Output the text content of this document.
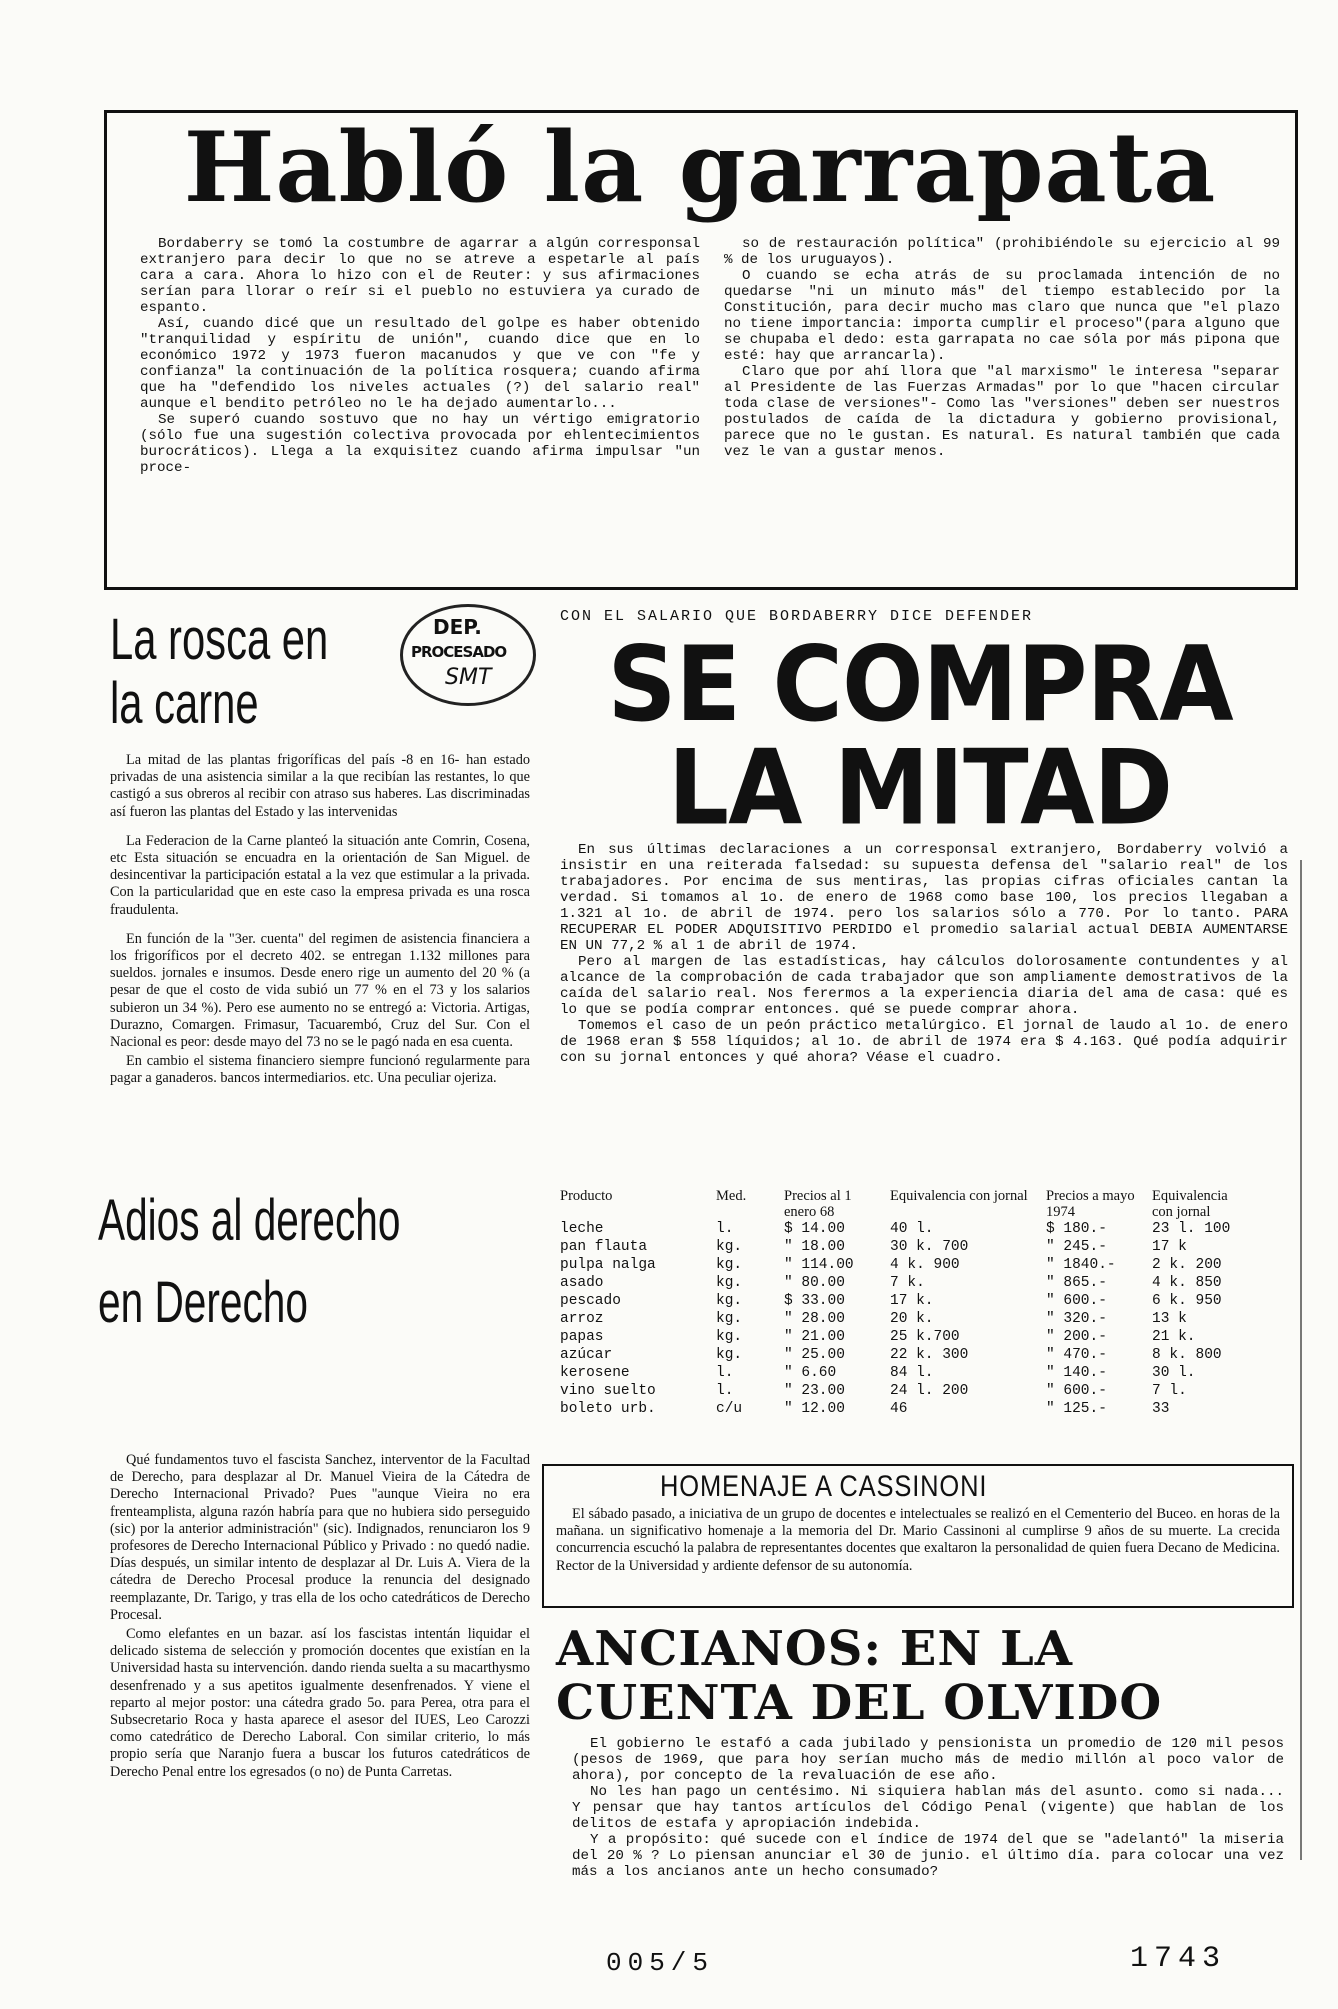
Habló la garrapata

Bordaberry se tomó la costumbre de agarrar a algún corresponsal extranjero para decir lo que no se atreve a espetarle al país cara a cara. Ahora lo hizo con el de Reuter: y sus afirmaciones serían para llorar o reír si el pueblo no estuviera ya curado de espanto.

Así, cuando dicé que un resultado del golpe es haber obtenido "tranquilidad y espíritu de unión", cuando dice que en lo económico 1972 y 1973 fueron macanudos y que ve con "fe y confianza" la continuación de la política rosquera; cuando afirma que ha "defendido los niveles actuales (?) del salario real" aunque el bendito petróleo no le ha dejado aumentarlo...

Se superó cuando sostuvo que no hay un vértigo emigratorio (sólo fue una sugestión colectiva provocada por ehlentecimientos burocráticos). Llega a la exquisitez cuando afirma impulsar "un proce-

so de restauración política" (prohibiéndole su ejercicio al 99 % de los uruguayos).

O cuando se echa atrás de su proclamada intención de no quedarse "ni un minuto más" del tiempo establecido por la Constitución, para decir mucho mas claro que nunca que "el plazo no tiene importancia: importa cumplir el proceso"(para alguno que se chupaba el dedo: esta garrapata no cae sóla por más pipona que esté: hay que arrancarla).

Claro que por ahí llora que "al marxismo" le interesa "separar al Presidente de las Fuerzas Armadas" por lo que "hacen circular toda clase de versiones"- Como las "versiones" deben ser nuestros postulados de caída de la dictadura y gobierno provisional, parece que no le gustan. Es natural. Es natural también que cada vez le van a gustar menos.

La rosca en
la carne
DEP.
PROCESADO
SMT

La mitad de las plantas frigoríficas del país -8 en 16- han estado privadas de una asistencia similar a la que recibían las restantes, lo que castigó a sus obreros al recibir con atraso sus haberes. Las discriminadas así fueron las plantas del Estado y las intervenidas

La Federacion de la Carne planteó la situación ante Comrin, Cosena, etc Esta situación se encuadra en la orientación de San Miguel. de desincentivar la participación estatal a la vez que estimular a la privada. Con la particularidad que en este caso la empresa privada es una rosca fraudulenta.

En función de la "3er. cuenta" del regimen de asistencia financiera a los frigoríficos por el decreto 402. se entregan 1.132 millones para sueldos. jornales e insumos. Desde enero rige un aumento del 20 % (a pesar de que el costo de vida subió un 77 % en el 73 y los salarios subieron un 34 %). Pero ese aumento no se entregó a: Victoria. Artigas, Durazno, Comargen. Frimasur, Tacuarembó, Cruz del Sur. Con el Nacional es peor: desde mayo del 73 no se le pagó nada en esa cuenta.

En cambio el sistema financiero siempre funcionó regularmente para pagar a ganaderos. bancos intermediarios. etc. Una peculiar ojeriza.

Adios al derecho
en Derecho

Qué fundamentos tuvo el fascista Sanchez, interventor de la Facultad de Derecho, para desplazar al Dr. Manuel Vieira de la Cátedra de Derecho Internacional Privado? Pues "aunque Vieira no era frenteamplista, alguna razón habría para que no hubiera sido perseguido (sic) por la anterior administración" (sic). Indignados, renunciaron los 9 profesores de Derecho Internacional Público y Privado : no quedó nadie. Días después, un similar intento de desplazar al Dr. Luis A. Viera de la cátedra de Derecho Procesal produce la renuncia del designado reemplazante, Dr. Tarigo, y tras ella de los ocho catedráticos de Derecho Procesal.

Como elefantes en un bazar. así los fascistas intentán liquidar el delicado sistema de selección y promoción docentes que existían en la Universidad hasta su intervención. dando rienda suelta a su macarthysmo desenfrenado y a sus apetitos igualmente desenfrenados. Y viene el reparto al mejor postor: una cátedra grado 5o. para Perea, otra para el Subsecretario Roca y hasta aparece el asesor del IUES, Leo Carozzi como catedrático de Derecho Laboral. Con similar criterio, lo más propio sería que Naranjo fuera a buscar los futuros catedráticos de Derecho Penal entre los egresados (o no) de Punta Carretas.

CON EL SALARIO QUE BORDABERRY DICE DEFENDER
SE COMPRA
LA MITAD

En sus últimas declaraciones a un corresponsal extranjero, Bordaberry volvió a insistir en una reiterada falsedad: su supuesta defensa del "salario real" de los trabajadores. Por encima de sus mentiras, las propias cifras oficiales cantan la verdad. Si tomamos al 1o. de enero de 1968 como base 100, los precios llegaban a 1.321 al 1o. de abril de 1974. pero los salarios sólo a 770. Por lo tanto. PARA RECUPERAR EL PODER ADQUISITIVO PERDIDO el promedio salarial actual DEBIA AUMENTARSE EN UN 77,2 % al 1 de abril de 1974.

Pero al margen de las estadísticas, hay cálculos dolorosamente contundentes y al alcance de la comprobación de cada trabajador que son ampliamente demostrativos de la caída del salario real. Nos ferermos a la experiencia diaria del ama de casa: qué es lo que se podía comprar entonces. qué se puede comprar ahora.

Tomemos el caso de un peón práctico metalúrgico. El jornal de laudo al 1o. de enero de 1968 eran $ 558 líquidos; al 1o. de abril de 1974 era $ 4.163. Qué podía adquirir con su jornal entonces y qué ahora? Véase el cuadro.

Producto	Med.	Precios al 1 enero 68	Equivalencia con jornal	Precios a mayo 1974	Equivalencia con jornal
leche	l.	$ 14.00	40 l.	$ 180.-	23 l. 100
pan flauta	kg.	" 18.00	30 k. 700	" 245.-	17 k
pulpa nalga	kg.	" 114.00	4 k. 900	" 1840.-	2 k. 200
asado	kg.	" 80.00	7 k.	" 865.-	4 k. 850
pescado	kg.	$ 33.00	17 k.	" 600.-	6 k. 950
arroz	kg.	" 28.00	20 k.	" 320.-	13 k
papas	kg.	" 21.00	25 k.700	" 200.-	21 k.
azúcar	kg.	" 25.00	22 k. 300	" 470.-	8 k. 800
kerosene	l.	" 6.60	84 l.	" 140.-	30 l.
vino suelto	l.	" 23.00	24 l. 200	" 600.-	7 l.
boleto urb.	c/u	" 12.00	46	" 125.-	33
HOMENAJE A CASSINONI

El sábado pasado, a iniciativa de un grupo de docentes e intelectuales se realizó en el Cementerio del Buceo. en horas de la mañana. un significativo homenaje a la memoria del Dr. Mario Cassinoni al cumplirse 9 años de su muerte. La crecida concurrencia escuchó la palabra de representantes docentes que exaltaron la personalidad de quien fuera Decano de Medicina. Rector de la Universidad y ardiente defensor de su autonomía.

ANCIANOS: EN LA
CUENTA DEL OLVIDO

El gobierno le estafó a cada jubilado y pensionista un promedio de 120 mil pesos (pesos de 1969, que para hoy serían mucho más de medio millón al poco valor de ahora), por concepto de la revaluación de ese año.

No les han pago un centésimo. Ni siquiera hablan más del asunto. como si nada... Y pensar que hay tantos artículos del Código Penal (vigente) que hablan de los delitos de estafa y apropiación indebida.

Y a propósito: qué sucede con el índice de 1974 del que se "adelantó" la miseria del 20 % ? Lo piensan anunciar el 30 de junio. el último día. para colocar una vez más a los ancianos ante un hecho consumado?

005/5	1743
